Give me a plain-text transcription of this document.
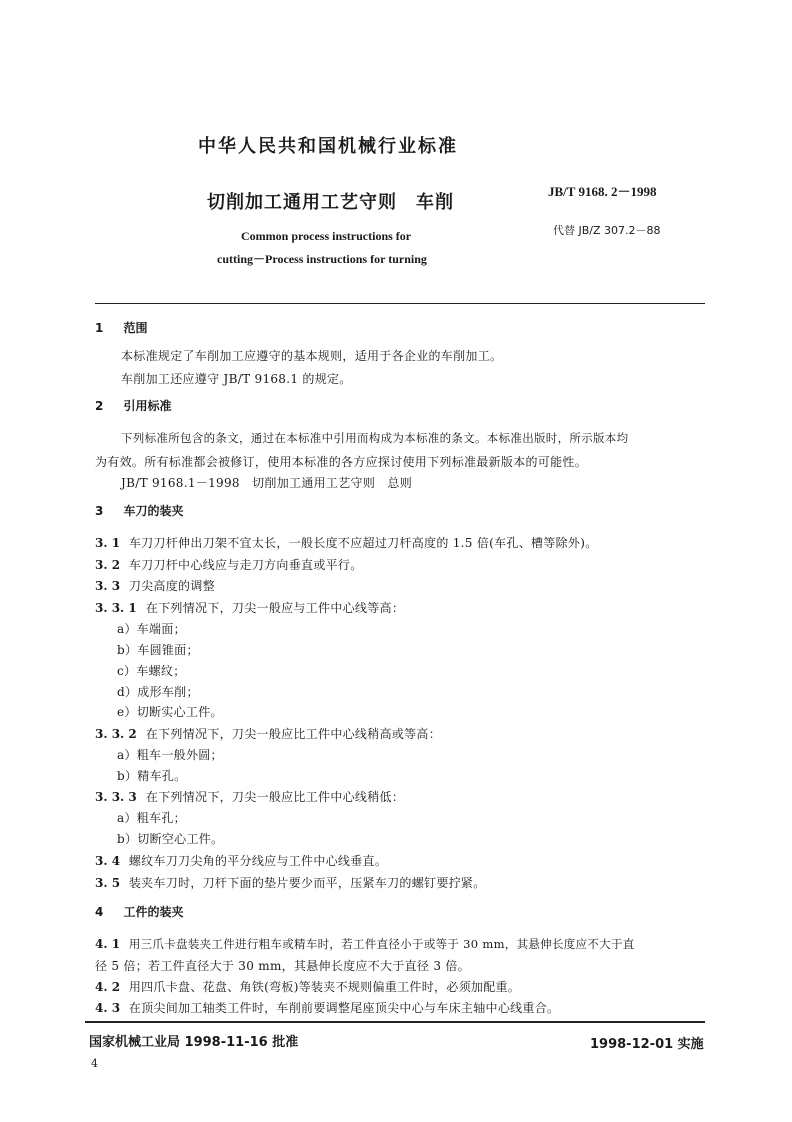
中华人民共和国机械行业标准
JB/T 9168. 2－1998
切削加工通用工艺守则　车削
代替 JB/Z 307.2－88
Common process instructions for
cutting－Process instructions for turning
1 范围
本标准规定了车削加工应遵守的基本规则，适用于各企业的车削加工。
车削加工还应遵守 JB/T 9168.1 的规定。
2 引用标准
下列标准所包含的条文，通过在本标准中引用而构成为本标准的条文。本标准出版时，所示版本均
为有效。所有标准都会被修订，使用本标准的各方应探讨使用下列标准最新版本的可能性。
JB/T 9168.1－1998　切削加工通用工艺守则　总则
3 车刀的装夹
3. 1 车刀刀杆伸出刀架不宜太长，一般长度不应超过刀杆高度的 1.5 倍(车孔、槽等除外)。
3. 2 车刀刀杆中心线应与走刀方向垂直或平行。
3. 3 刀尖高度的调整
3. 3. 1 在下列情况下，刀尖一般应与工件中心线等高：
a）车端面；
b）车圆锥面；
c）车螺纹；
d）成形车削；
e）切断实心工件。
3. 3. 2 在下列情况下，刀尖一般应比工件中心线稍高或等高：
a）粗车一般外圆；
b）精车孔。
3. 3. 3 在下列情况下，刀尖一般应比工件中心线稍低：
a）粗车孔；
b）切断空心工件。
3. 4 螺纹车刀刀尖角的平分线应与工件中心线垂直。
3. 5 装夹车刀时，刀杆下面的垫片要少而平，压紧车刀的螺钉要拧紧。
4 工件的装夹
4. 1 用三爪卡盘装夹工件进行粗车或精车时，若工件直径小于或等于 30 mm，其悬伸长度应不大于直
径 5 倍；若工件直径大于 30 mm，其悬伸长度应不大于直径 3 倍。
4. 2 用四爪卡盘、花盘、角铁(弯板)等装夹不规则偏重工件时，必须加配重。
4. 3 在顶尖间加工轴类工件时，车削前要调整尾座顶尖中心与车床主轴中心线重合。
国家机械工业局 1998-11-16 批准	1998-12-01 实施
4
